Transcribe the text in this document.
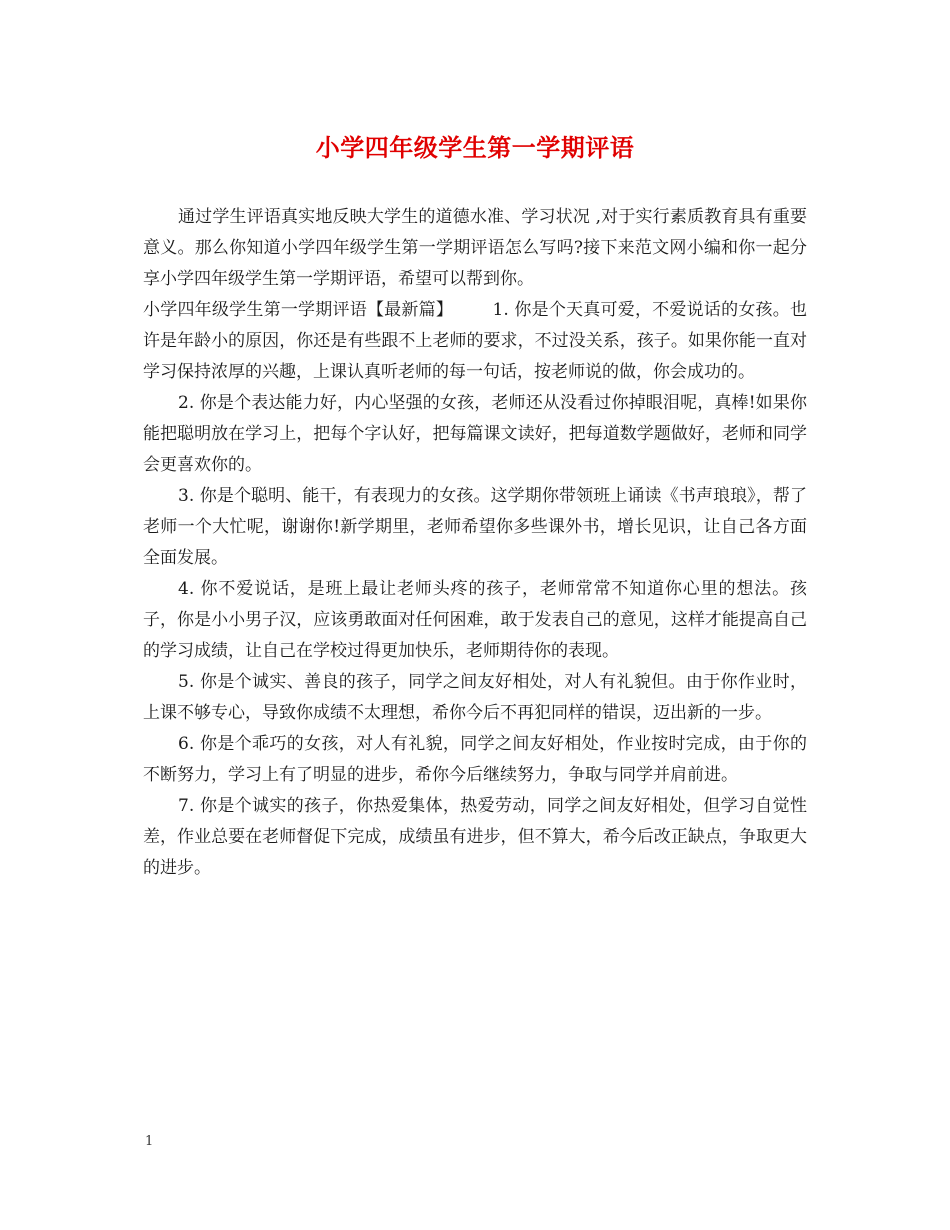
小学四年级学生第一学期评语

通过学生评语真实地反映大学生的道德水准、学习状况 ,对于实行素质教育具有重要意义。那么你知道小学四年级学生第一学期评语怎么写吗?接下来范文网小编和你一起分享小学四年级学生第一学期评语，希望可以帮到你。

小学四年级学生第一学期评语【最新篇】 1. 你是个天真可爱，不爱说话的女孩。也许是年龄小的原因，你还是有些跟不上老师的要求，不过没关系，孩子。如果你能一直对学习保持浓厚的兴趣，上课认真听老师的每一句话，按老师说的做，你会成功的。

2. 你是个表达能力好，内心坚强的女孩，老师还从没看过你掉眼泪呢，真棒!如果你能把聪明放在学习上，把每个字认好，把每篇课文读好，把每道数学题做好，老师和同学会更喜欢你的。

3. 你是个聪明、能干，有表现力的女孩。这学期你带领班上诵读《书声琅琅》，帮了老师一个大忙呢，谢谢你!新学期里，老师希望你多些课外书，增长见识，让自己各方面全面发展。

4. 你不爱说话，是班上最让老师头疼的孩子，老师常常不知道你心里的想法。孩子，你是小小男子汉，应该勇敢面对任何困难，敢于发表自己的意见，这样才能提高自己的学习成绩，让自己在学校过得更加快乐，老师期待你的表现。

5. 你是个诚实、善良的孩子，同学之间友好相处，对人有礼貌但。由于你作业时，上课不够专心，导致你成绩不太理想，希你今后不再犯同样的错误，迈出新的一步。

6. 你是个乖巧的女孩，对人有礼貌，同学之间友好相处，作业按时完成，由于你的不断努力，学习上有了明显的进步，希你今后继续努力，争取与同学并肩前进。

7. 你是个诚实的孩子，你热爱集体，热爱劳动，同学之间友好相处，但学习自觉性差，作业总要在老师督促下完成，成绩虽有进步，但不算大，希今后改正缺点，争取更大的进步。

1
